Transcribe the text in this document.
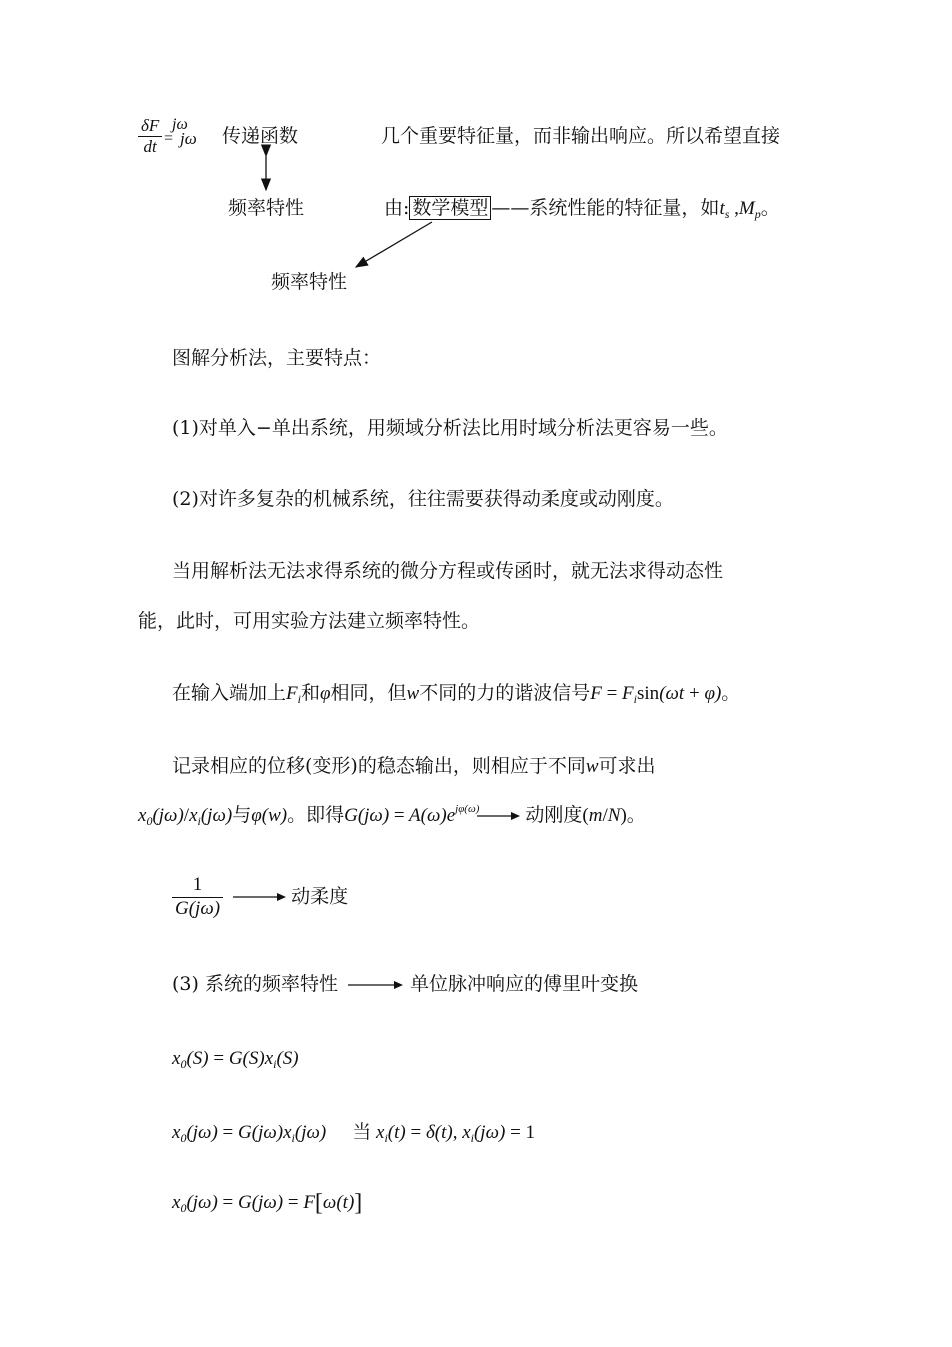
$\frac{\delta F}{dt}$ jω
= jω 传递函数
频率特性
几个重要特征量，而非输出响应。所以希望直接
由: 数学模型 ——系统性能的特征量，如$t_s$ $,M_p$。
频率特性
图解分析法，主要特点：
(1)对单入−单出系统，用频域分析法比用时域分析法更容易一些。
(2)对许多复杂的机械系统，往往需要获得动柔度或动刚度。
当用解析法无法求得系统的微分方程或传函时，就无法求得动态性
能，此时，可用实验方法建立频率特性。
在输入端加上$F_i$和φ相同，但w不同的力的谐波信号$F = F_i\sin(\omega t + \varphi)$。
记录相应的位移(变形)的稳态输出，则相应于不同w可求出
$x_0(j\omega)/x_i(j\omega)$与φ(w)。即得$G(j\omega) = A(\omega)e^{j\varphi(\omega)}$ 动刚度(m/N)。
$\frac{1}{G(j\omega)}$	动柔度
(3) 系统的频率特性	单位脉冲响应的傅里叶变换
$x_0(S) = G(S)x_i(S)$
$x_0(j\omega) = G(j\omega)x_i(j\omega)$ 当 $x_i(t) = \delta(t)$, $x_i(j\omega) = 1$
$x_0(j\omega) = G(j\omega) = F[\omega(t)]$
